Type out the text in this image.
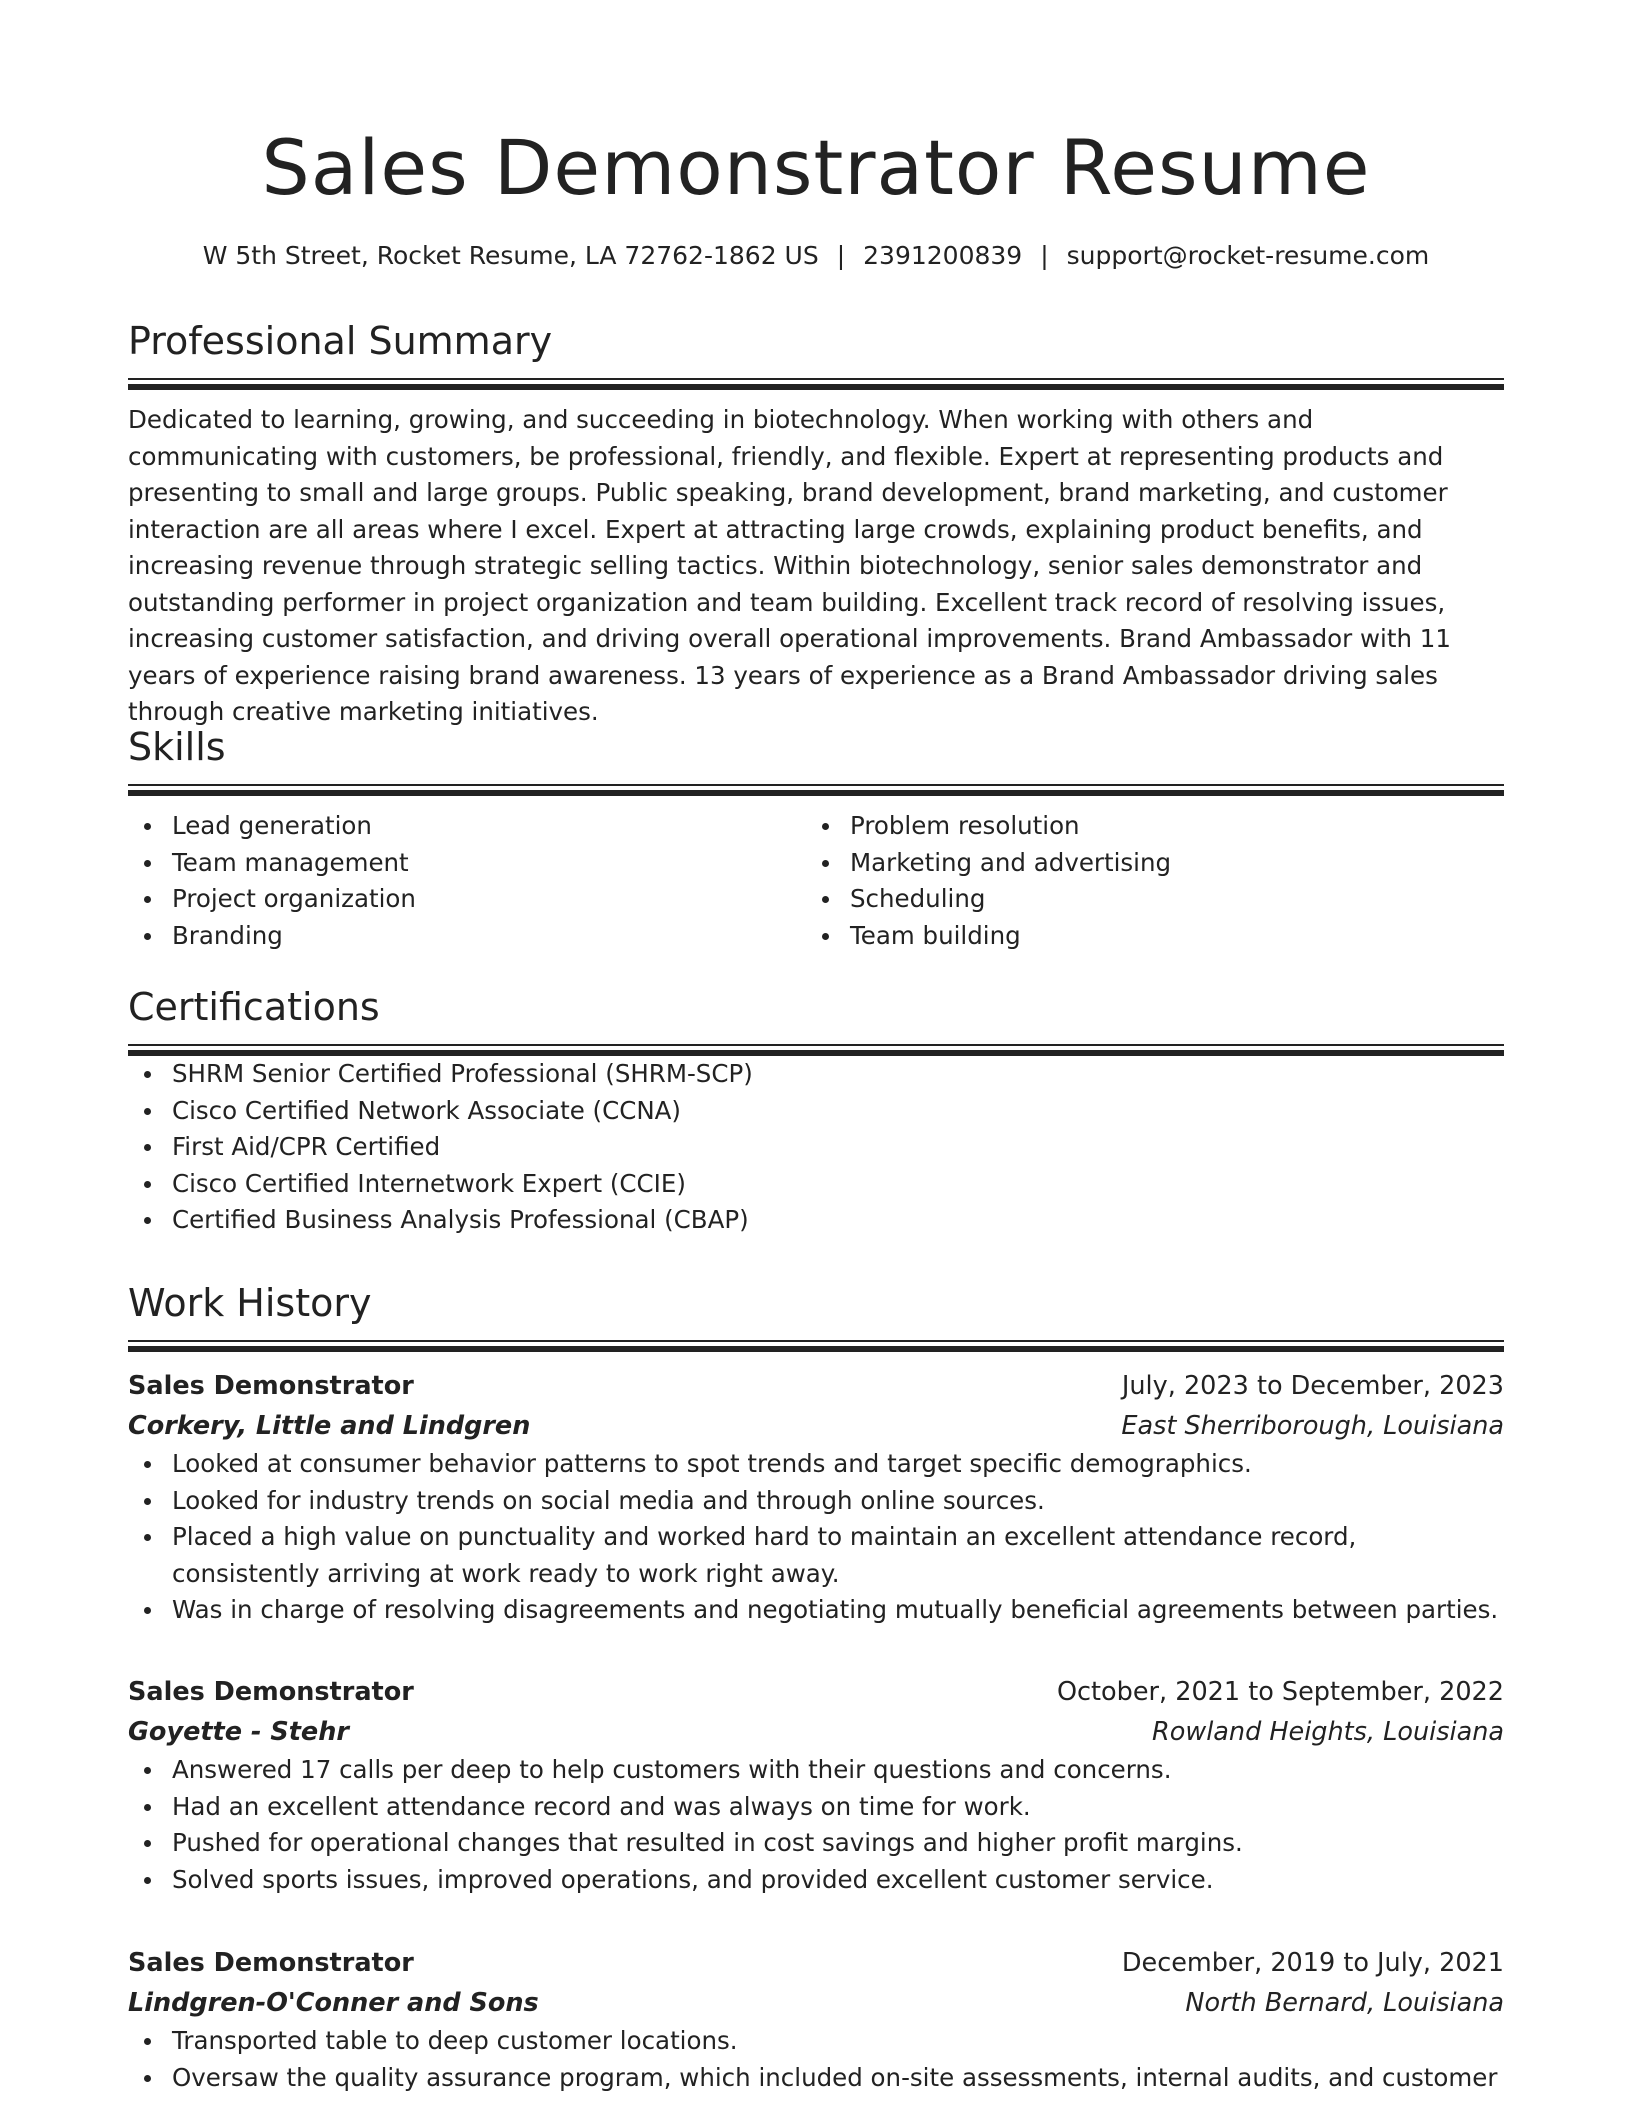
Sales Demonstrator Resume
W 5th Street, Rocket Resume, LA 72762-1862 US | 2391200839 | support@rocket-resume.com
Professional Summary
Dedicated to learning, growing, and succeeding in biotechnology. When working with others and communicating with customers, be professional, friendly, and flexible. Expert at representing products and presenting to small and large groups. Public speaking, brand development, brand marketing, and customer interaction are all areas where I excel. Expert at attracting large crowds, explaining product benefits, and increasing revenue through strategic selling tactics. Within biotechnology, senior sales demonstrator and outstanding performer in project organization and team building. Excellent track record of resolving issues, increasing customer satisfaction, and driving overall operational improvements. Brand Ambassador with 11 years of experience raising brand awareness. 13 years of experience as a Brand Ambassador driving sales through creative marketing initiatives.
Skills
Lead generation
Team management
Project organization
Branding
Problem resolution
Marketing and advertising
Scheduling
Team building
Certifications
SHRM Senior Certified Professional (SHRM-SCP)
Cisco Certified Network Associate (CCNA)
First Aid/CPR Certified
Cisco Certified Internetwork Expert (CCIE)
Certified Business Analysis Professional (CBAP)
Work History
Sales Demonstrator	July, 2023 to December, 2023
Corkery, Little and Lindgren	East Sherriborough, Louisiana
Looked at consumer behavior patterns to spot trends and target specific demographics.
Looked for industry trends on social media and through online sources.
Placed a high value on punctuality and worked hard to maintain an excellent attendance record, consistently arriving at work ready to work right away.
Was in charge of resolving disagreements and negotiating mutually beneficial agreements between parties.
Sales Demonstrator	October, 2021 to September, 2022
Goyette - Stehr	Rowland Heights, Louisiana
Answered 17 calls per deep to help customers with their questions and concerns.
Had an excellent attendance record and was always on time for work.
Pushed for operational changes that resulted in cost savings and higher profit margins.
Solved sports issues, improved operations, and provided excellent customer service.
Sales Demonstrator	December, 2019 to July, 2021
Lindgren-O'Conner and Sons	North Bernard, Louisiana
Transported table to deep customer locations.
Oversaw the quality assurance program, which included on-site assessments, internal audits, and customer
